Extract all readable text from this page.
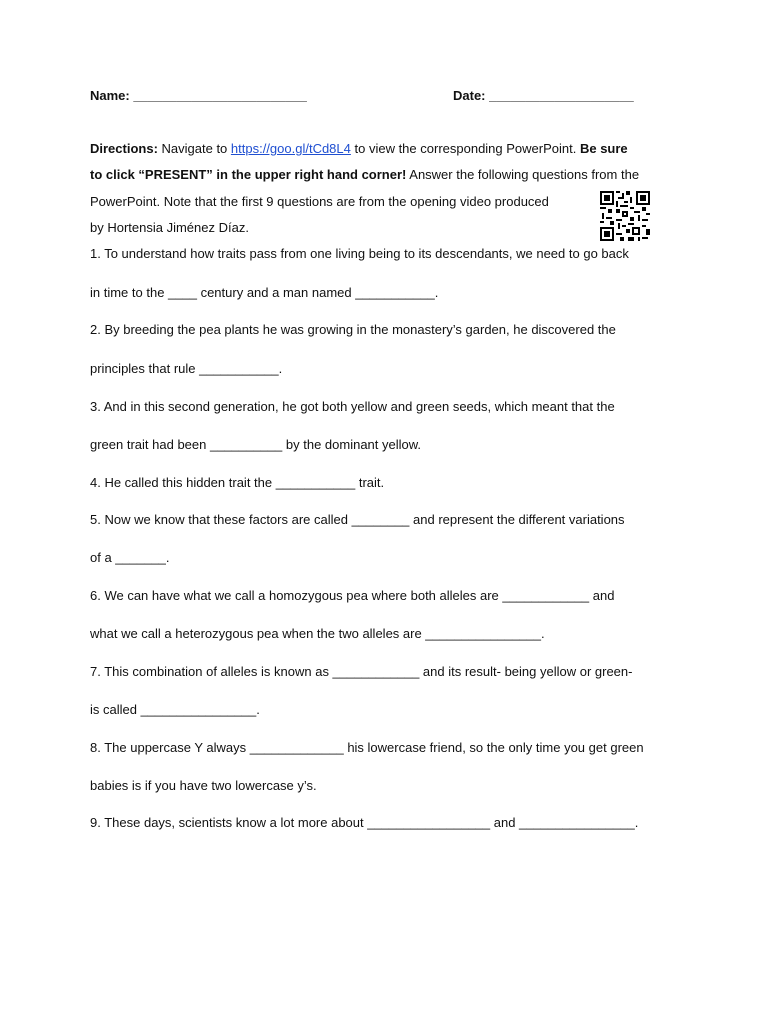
Name: ________________________	Date: ____________________
Directions: Navigate to https://goo.gl/tCd8L4 to view the corresponding PowerPoint. Be sure
to click “PRESENT” in the upper right hand corner! Answer the following questions from the
PowerPoint. Note that the first 9 questions are from the opening video produced
by Hortensia Jiménez Díaz.
1. To understand how traits pass from one living being to its descendants, we need to go back
in time to the ____ century and a man named ___________.
2. By breeding the pea plants he was growing in the monastery’s garden, he discovered the
principles that rule ___________.
3. And in this second generation, he got both yellow and green seeds, which meant that the
green trait had been __________ by the dominant yellow.
4. He called this hidden trait the ___________ trait.
5. Now we know that these factors are called ________ and represent the different variations
of a _______.
6. We can have what we call a homozygous pea where both alleles are ____________ and
what we call a heterozygous pea when the two alleles are ________________.
7. This combination of alleles is known as ____________ and its result- being yellow or green-
is called ________________.
8. The uppercase Y always _____________ his lowercase friend, so the only time you get green
babies is if you have two lowercase y’s.
9. These days, scientists know a lot more about _________________ and ________________.
